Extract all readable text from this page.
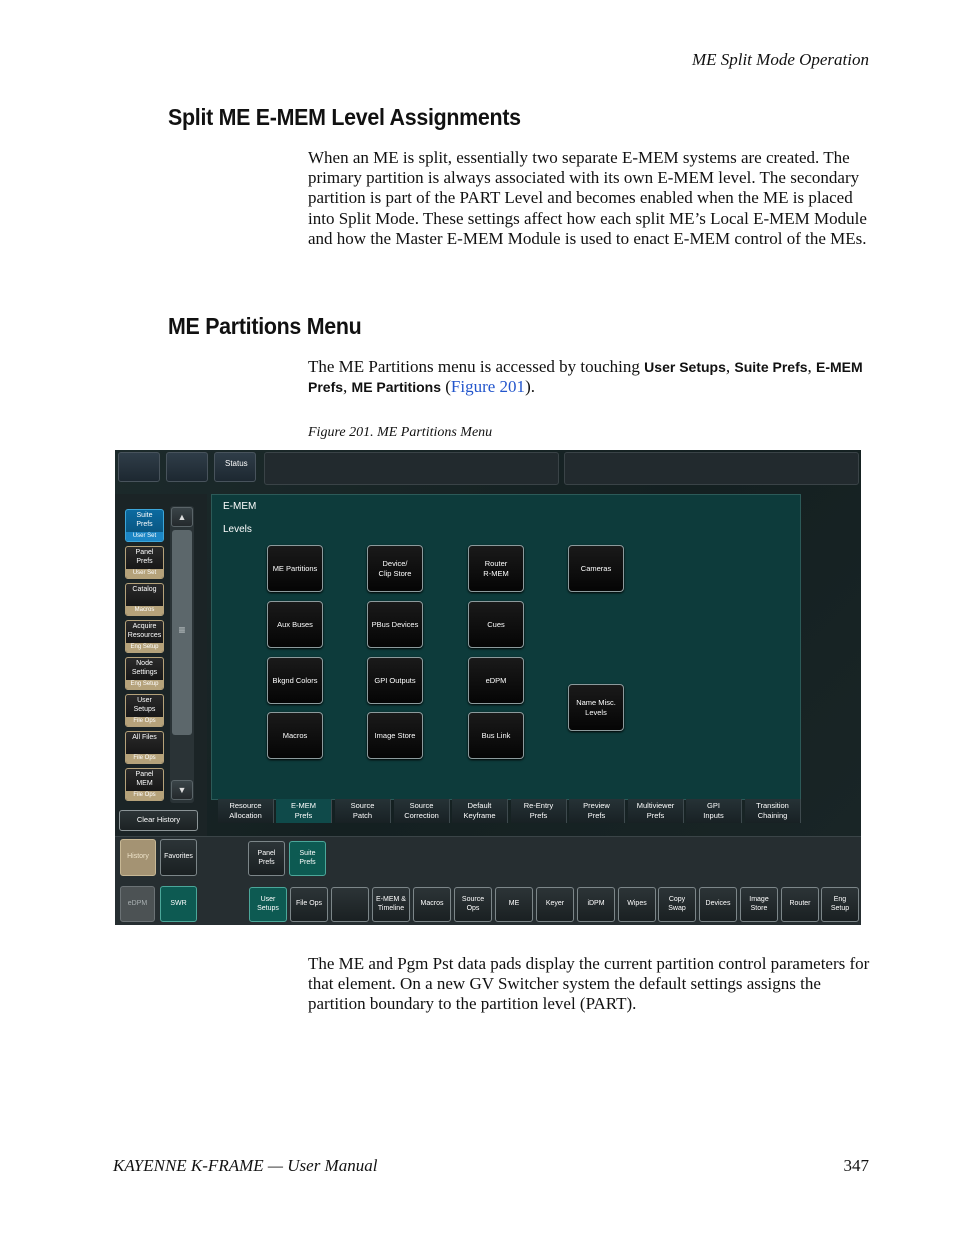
ME Split Mode Operation
Split ME E-MEM Level Assignments

When an ME is split, essentially two separate E-MEM systems are created. The primary partition is always associated with its own E-MEM level. The secondary partition is part of the PART Level and becomes enabled when the ME is placed into Split Mode. These settings affect how each split ME’s Local E-MEM Module and how the Master E-MEM Module is used to enact E-MEM control of the MEs.

ME Partitions Menu

The ME Partitions menu is accessed by touching User Setups, Suite Prefs, E-MEM Prefs, ME Partitions (Figure 201).

Figure 201. ME Partitions Menu
Status
Suite
Prefs
User Set
Panel
Prefs
User Set
Catalog
Macros
Acquire
Resources
Eng Setup
Node
Settings
Eng Setup
User
Setups
File Ops
All Files
File Ops
Panel
MEM
File Ops
▲
≡
▼
Clear History
E-MEM
Levels
ME Partitions
Device/
Clip Store
Router
R-MEM
Cameras
Aux Buses	PBus Devices	Cues
Bkgnd Colors	GPI Outputs	eDPM
Name Misc.
Levels
Macros	Image Store	Bus Link
Resource
Allocation
E-MEM
Prefs
Source
Patch
Source
Correction
Default
Keyframe
Re-Entry
Prefs
Preview
Prefs
Multiviewer
Prefs
GPI
Inputs
Transition
Chaining
History	Favorites
eDPM	SWR
Panel
Prefs
Suite
Prefs
User
Setups
File Ops
E-MEM &
Timeline
Macros
Source
Ops
ME	Keyer	iDPM	Wipes
Copy
Swap
Devices
Image
Store
Router
Eng
Setup

The ME and Pgm Pst data pads display the current partition control parameters for that element. On a new GV Switcher system the default settings assigns the partition boundary to the partition level (PART).

KAYENNE K-FRAME — User Manual	347
